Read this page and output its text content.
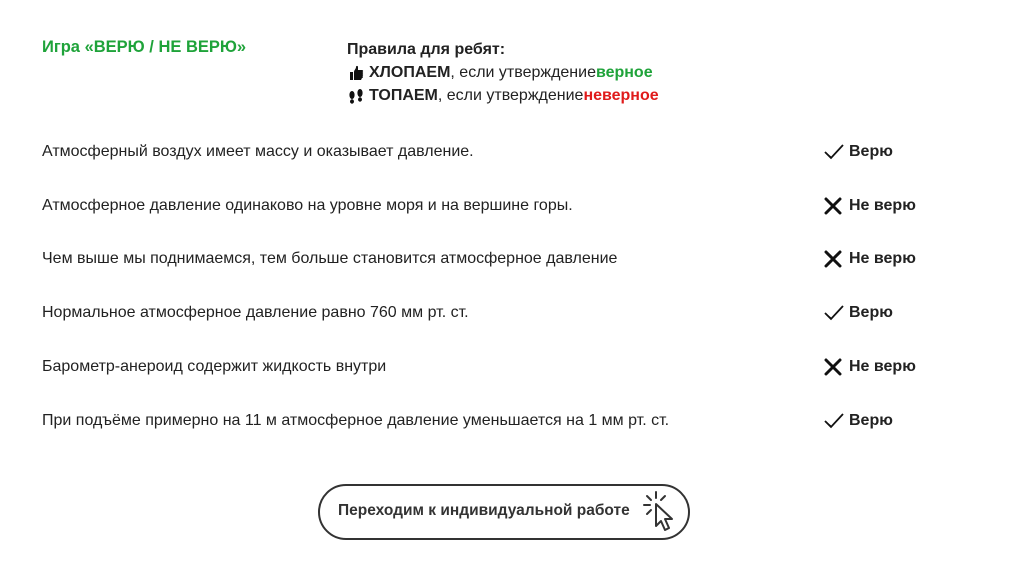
Игра «ВЕРЮ / НЕ ВЕРЮ»	Правила для ребят:
ХЛОПАЕМ , если утверждение верное
ТОПАЕМ , если утверждение неверное
Атмосферный воздух имеет массу и оказывает давление.	Верю
Атмосферное давление одинаково на уровне моря и на вершине горы.	Не верю
Чем выше мы поднимаемся, тем больше становится атмосферное давление	Не верю
Нормальное атмосферное давление равно 760 мм рт. ст.	Верю
Барометр-анероид содержит жидкость внутри	Не верю
При подъёме примерно на 11 м атмосферное давление уменьшается на 1 мм рт. ст.	Верю
Переходим к индивидуальной работе
